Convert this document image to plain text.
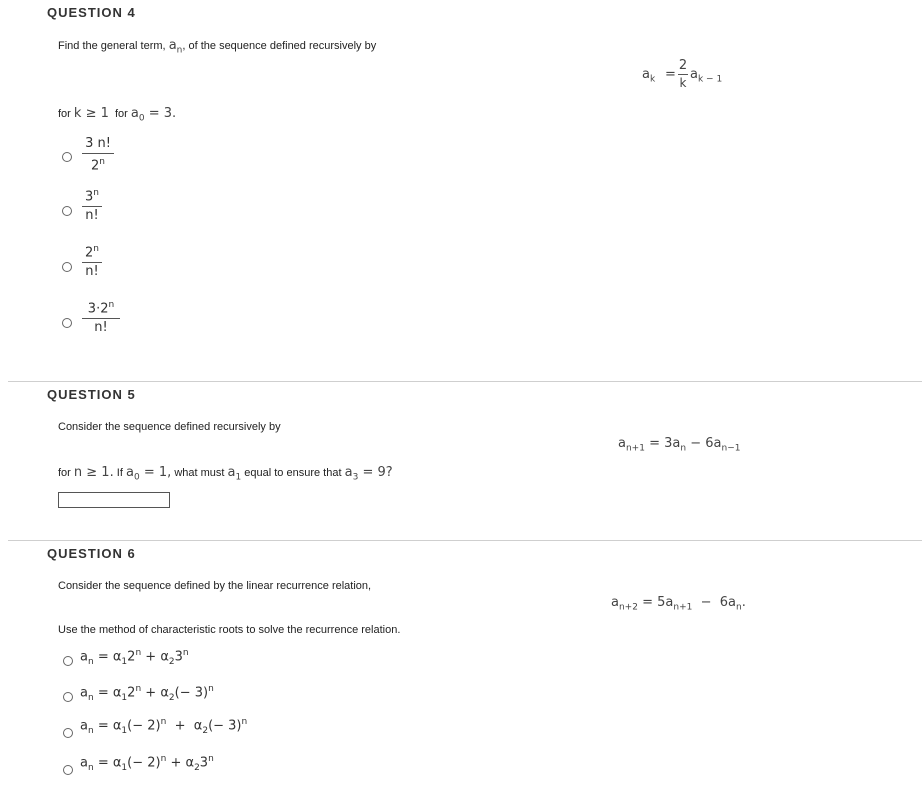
QUESTION 4
Find the general term, $a_n$, of the sequence defined recursively by
$a_k$ =
2
k
$a_{k - 1}$
for k ≥ 1 for $a_0 = 3$.
3 n!
2$^n$
3$^n$
n!
2$^n$
n!
$3\cdot 2^n$
n!
QUESTION 5
Consider the sequence defined recursively by
$a_{n+1} = 3a_n - 6a_{n-1}$
for n ≥ 1. If $a_0 = 1$, what must $a_1$ equal to ensure that $a_3 = 9$?
QUESTION 6
Consider the sequence defined by the linear recurrence relation,
$a_{n+2} = 5a_{n+1} - 6a_n$.
Use the method of characteristic roots to solve the recurrence relation.
$a_n = \alpha_12^n + \alpha_23^n$
$a_n = \alpha_12^n + \alpha_2(- 3)^n$
$a_n = \alpha_1(- 2)^n + \alpha_2(- 3)^n$
$a_n = \alpha_1(- 2)^n + \alpha_23^n$
